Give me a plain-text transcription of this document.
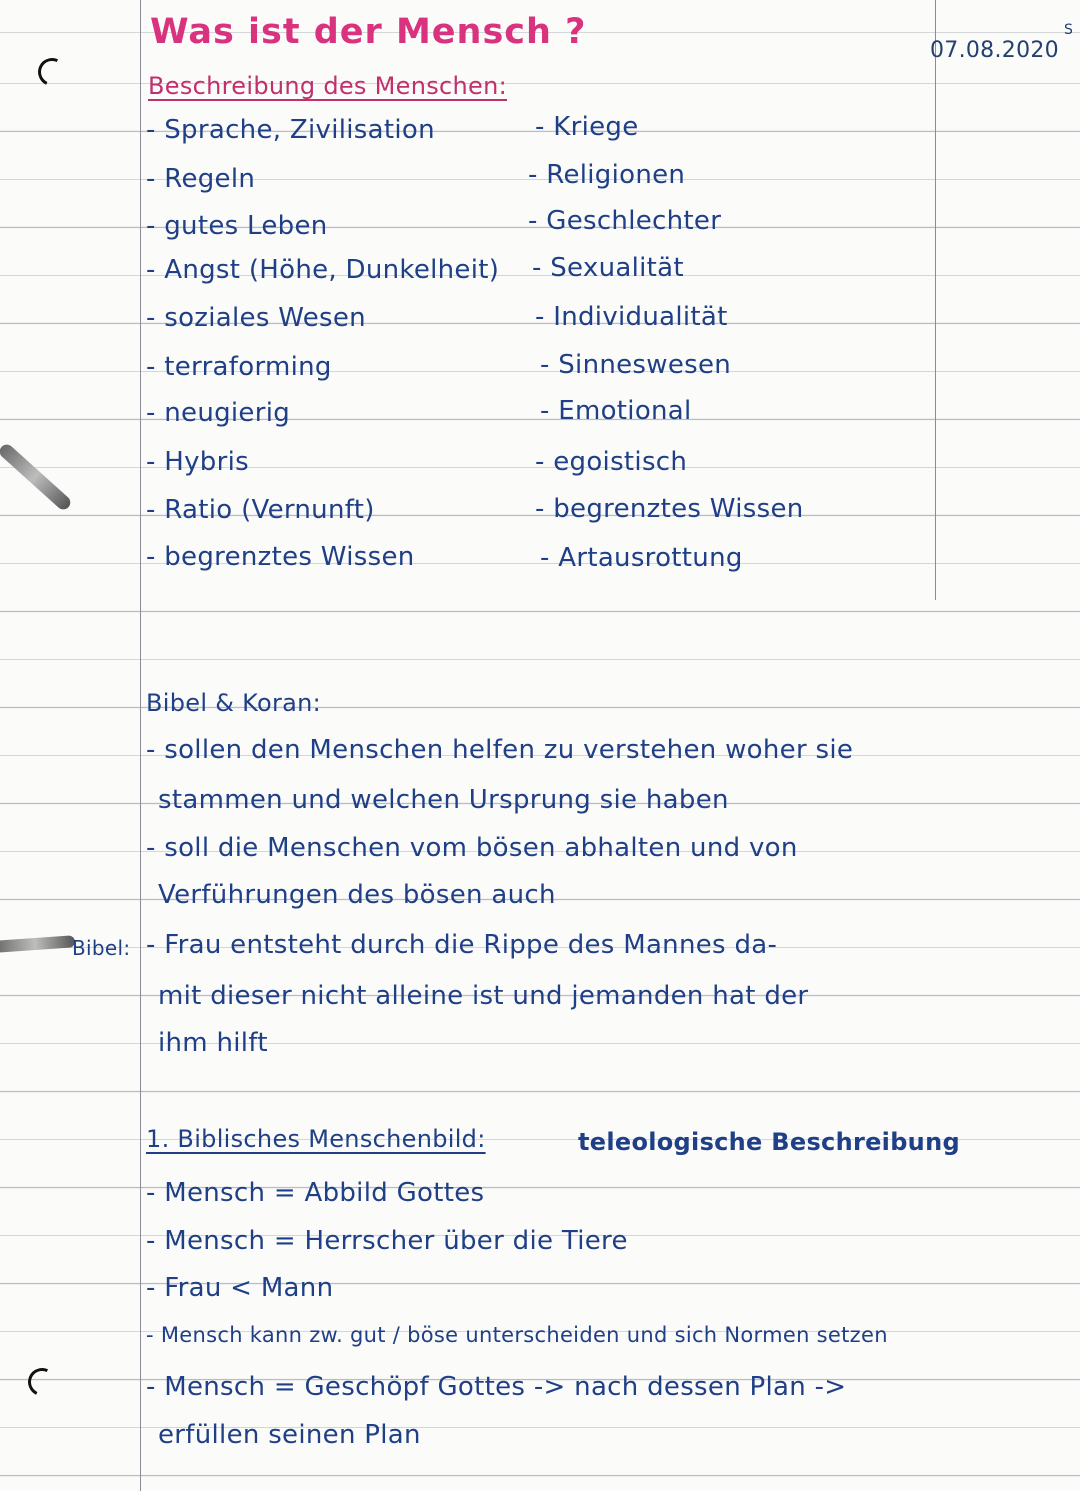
Was ist der Mensch ?	07.08.2020
S
Beschreibung des Menschen:
- Sprache, Zivilisation
- Regeln
- gutes Leben
- Angst (Höhe, Dunkelheit)
- soziales Wesen
- terraforming
- neugierig
- Hybris
- Ratio (Vernunft)
- begrenztes Wissen
- Kriege
- Religionen
- Geschlechter
- Sexualität
- Individualität
- Sinneswesen
- Emotional
- egoistisch
- begrenztes Wissen
- Artausrottung
Bibel & Koran:
- sollen den Menschen helfen zu verstehen woher sie
stammen und welchen Ursprung sie haben
- soll die Menschen vom bösen abhalten und von
Verführungen des bösen auch
Bibel: - Frau entsteht durch die Rippe des Mannes da-
mit dieser nicht alleine ist und jemanden hat der
ihm hilft
1. Biblisches Menschenbild:	teleologische Beschreibung
- Mensch = Abbild Gottes
- Mensch = Herrscher über die Tiere
- Frau < Mann
- Mensch kann zw. gut / böse unterscheiden und sich Normen setzen
- Mensch = Geschöpf Gottes -> nach dessen Plan ->
erfüllen seinen Plan
